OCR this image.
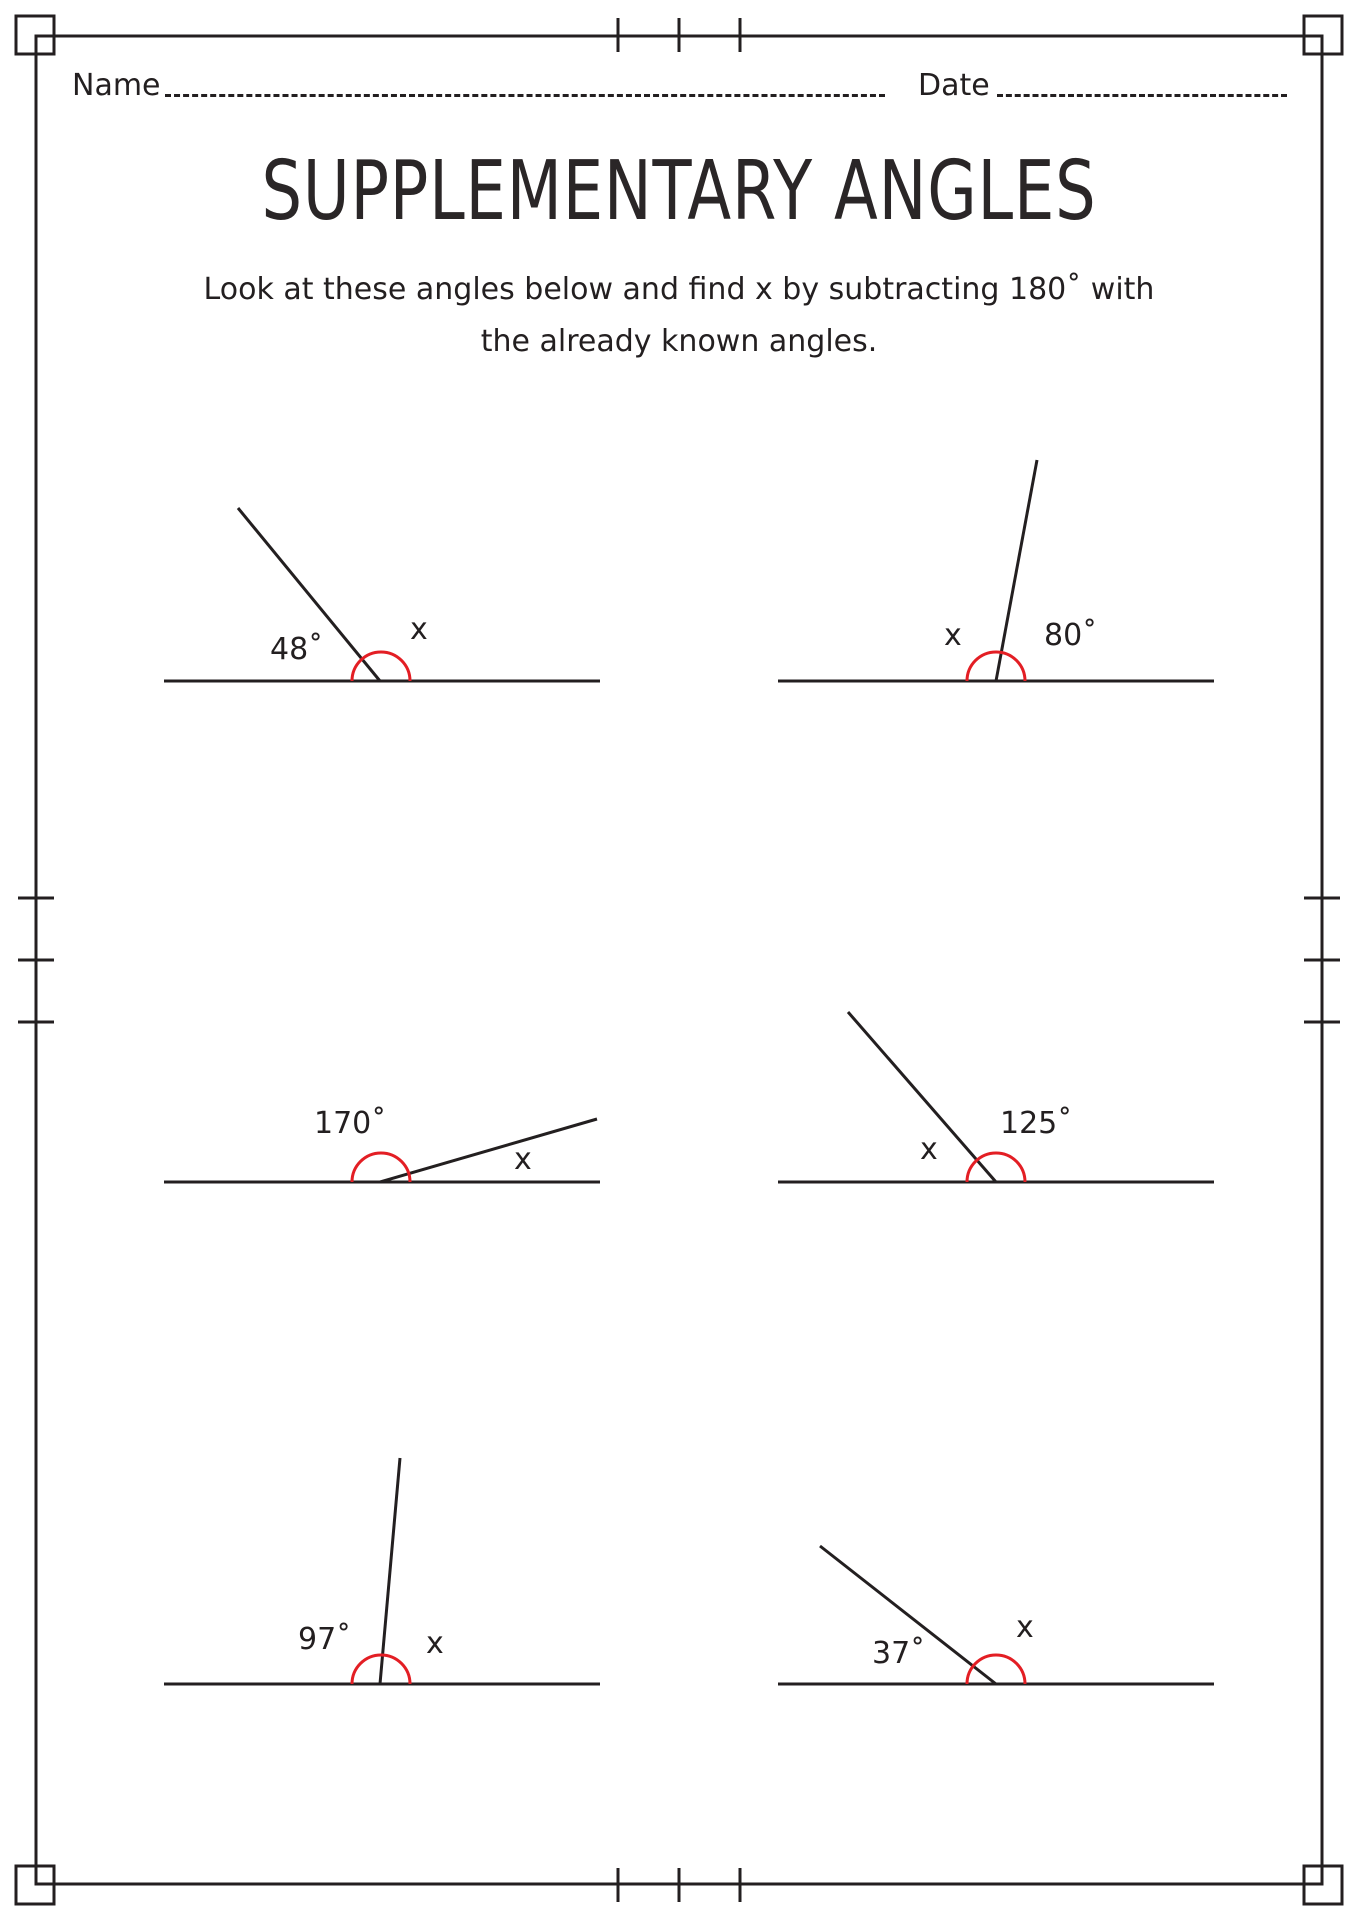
Name	Date
SUPPLEMENTARY ANGLES
Look at these angles below and find x by subtracting 180˚ with
the already known angles.
48˚
x	80˚
x
170˚
x
125˚
x
97˚ x	37˚
x
